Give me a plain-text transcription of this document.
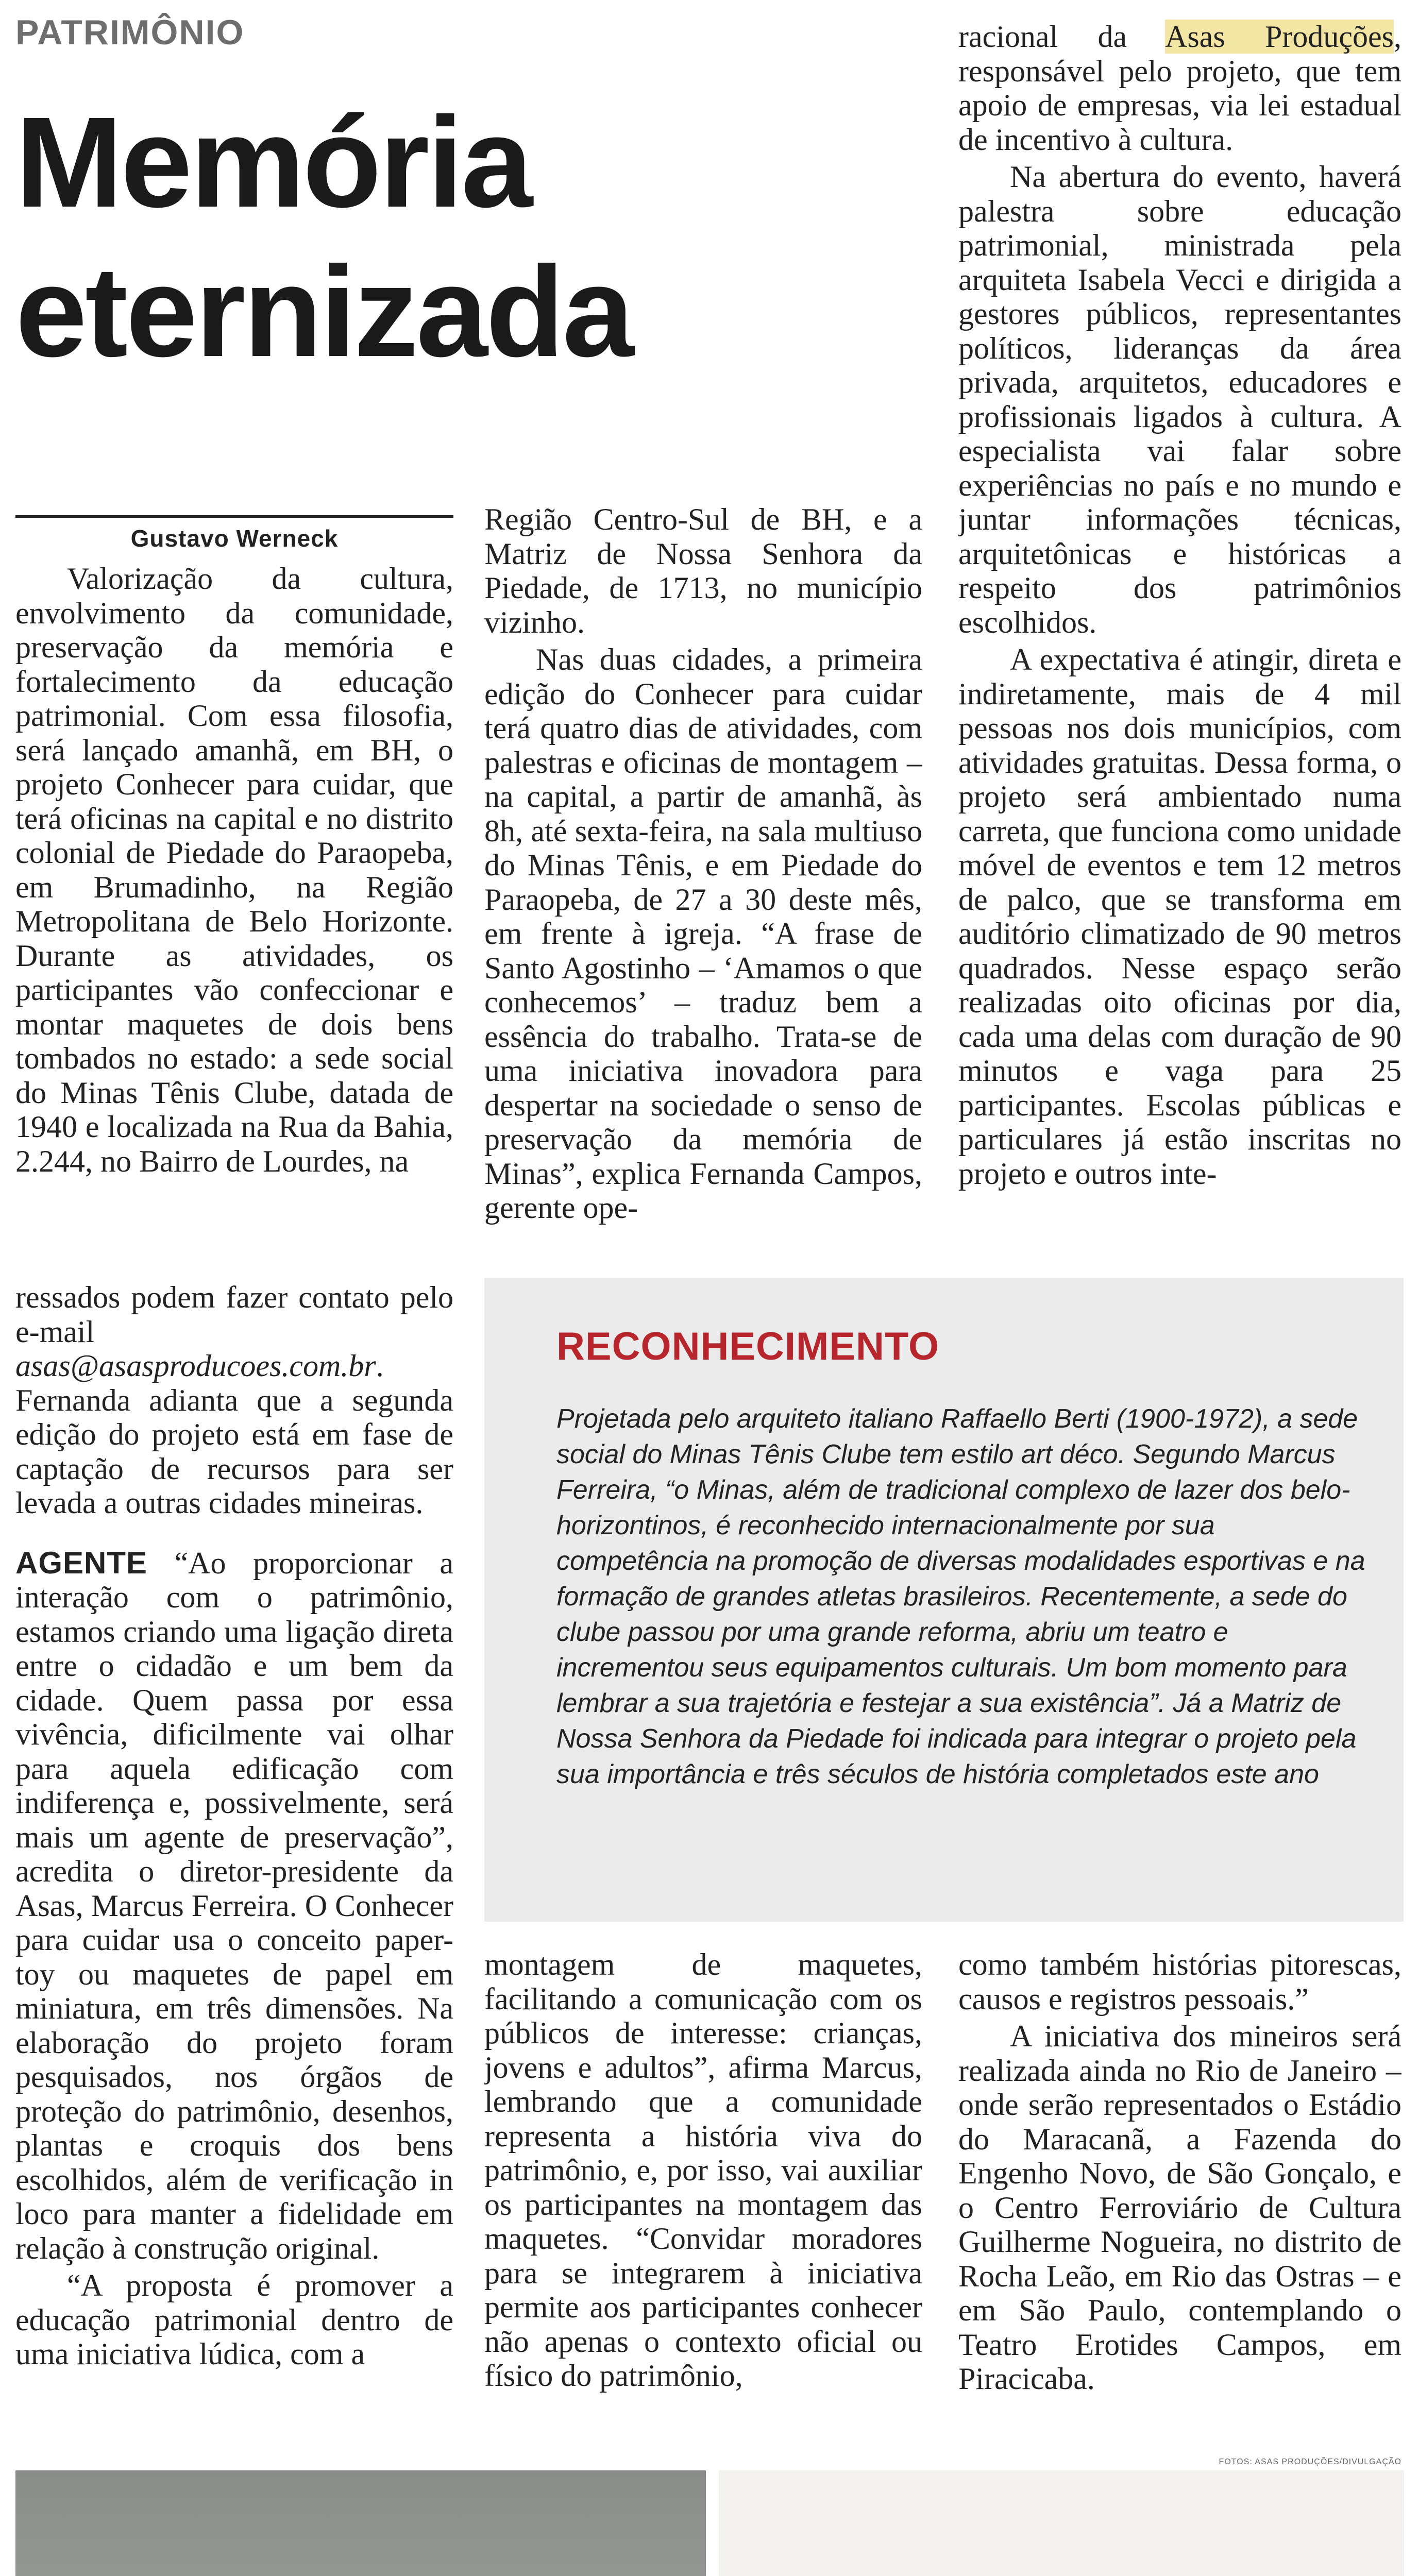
PATRIMÔNIO
Memória
eternizada
Gustavo Werneck

Valorização da cultura, envolvimento da comunidade, preservação da memória e fortalecimento da educação patrimonial. Com essa filosofia, será lançado amanhã, em BH, o projeto Conhecer para cuidar, que terá oficinas na capital e no distrito colonial de Piedade do Paraopeba, em Brumadinho, na Região Metropolitana de Belo Horizonte. Durante as atividades, os participantes vão confeccionar e montar maquetes de dois bens tombados no estado: a sede social do Minas Tênis Clube, datada de 1940 e localizada na Rua da Bahia, 2.244, no Bairro de Lourdes, na

Região Centro-Sul de BH, e a Matriz de Nossa Senhora da Piedade, de 1713, no município vizinho.

Nas duas cidades, a primeira edição do Conhecer para cuidar terá quatro dias de atividades, com palestras e oficinas de montagem – na capital, a partir de amanhã, às 8h, até sexta-feira, na sala multiuso do Minas Tênis, e em Piedade do Paraopeba, de 27 a 30 deste mês, em frente à igreja. “A frase de Santo Agostinho – ‘Amamos o que conhecemos’ – traduz bem a essência do trabalho. Trata-se de uma iniciativa inovadora para despertar na sociedade o senso de preservação da memória de Minas”, explica Fernanda Campos, gerente ope-

racional da Asas Produções, responsável pelo projeto, que tem apoio de empresas, via lei estadual de incentivo à cultura.

Na abertura do evento, haverá palestra sobre educação patrimonial, ministrada pela arquiteta Isabela Vecci e dirigida a gestores públicos, representantes políticos, lideranças da área privada, arquitetos, educadores e profissionais ligados à cultura. A especialista vai falar sobre experiências no país e no mundo e juntar informações técnicas, arquitetônicas e históricas a respeito dos patrimônios escolhidos.

A expectativa é atingir, direta e indiretamente, mais de 4 mil pessoas nos dois municípios, com atividades gratuitas. Dessa forma, o projeto será ambientado numa carreta, que funciona como unidade móvel de eventos e tem 12 metros de palco, que se transforma em auditório climatizado de 90 metros quadrados. Nesse espaço serão realizadas oito oficinas por dia, cada uma delas com duração de 90 minutos e vaga para 25 participantes. Escolas públicas e particulares já estão inscritas no projeto e outros inte-

ressados podem fazer contato pelo e-mail asas@asasproducoes.com.br. Fernanda adianta que a segunda edição do projeto está em fase de captação de recursos para ser levada a outras cidades mineiras.

AGENTE “Ao proporcionar a interação com o patrimônio, estamos criando uma ligação direta entre o cidadão e um bem da cidade. Quem passa por essa vivência, dificilmente vai olhar para aquela edificação com indiferença e, possivelmente, será mais um agente de preservação”, acredita o diretor-presidente da Asas, Marcus Ferreira. O Conhecer para cuidar usa o conceito paper-toy ou maquetes de papel em miniatura, em três dimensões. Na elaboração do projeto foram pesquisados, nos órgãos de proteção do patrimônio, desenhos, plantas e croquis dos bens escolhidos, além de verificação in loco para manter a fidelidade em relação à construção original.

“A proposta é promover a educação patrimonial dentro de uma iniciativa lúdica, com a

RECONHECIMENTO
Projetada pelo arquiteto italiano Raffaello Berti (1900-1972), a sede social do Minas Tênis Clube tem estilo art déco. Segundo Marcus Ferreira, “o Minas, além de tradicional complexo de lazer dos belo-horizontinos, é reconhecido internacionalmente por sua competência na promoção de diversas modalidades esportivas e na formação de grandes atletas brasileiros. Recentemente, a sede do clube passou por uma grande reforma, abriu um teatro e incrementou seus equipamentos culturais. Um bom momento para lembrar a sua trajetória e festejar a sua existência”. Já a Matriz de Nossa Senhora da Piedade foi indicada para integrar o projeto pela sua importância e três séculos de história completados este ano

montagem de maquetes, facilitando a comunicação com os públicos de interesse: crianças, jovens e adultos”, afirma Marcus, lembrando que a comunidade representa a história viva do patrimônio, e, por isso, vai auxiliar os participantes na montagem das maquetes. “Convidar moradores para se integrarem à iniciativa permite aos participantes conhecer não apenas o contexto oficial ou físico do patrimônio,

como também histórias pitorescas, causos e registros pessoais.”

A iniciativa dos mineiros será realizada ainda no Rio de Janeiro – onde serão representados o Estádio do Maracanã, a Fazenda do Engenho Novo, de São Gonçalo, e o Centro Ferroviário de Cultura Guilherme Nogueira, no distrito de Rocha Leão, em Rio das Ostras – e em São Paulo, contemplando o Teatro Erotides Campos, em Piracicaba.

FOTOS: ASAS PRODUÇÕES/DIVULGAÇÃO
